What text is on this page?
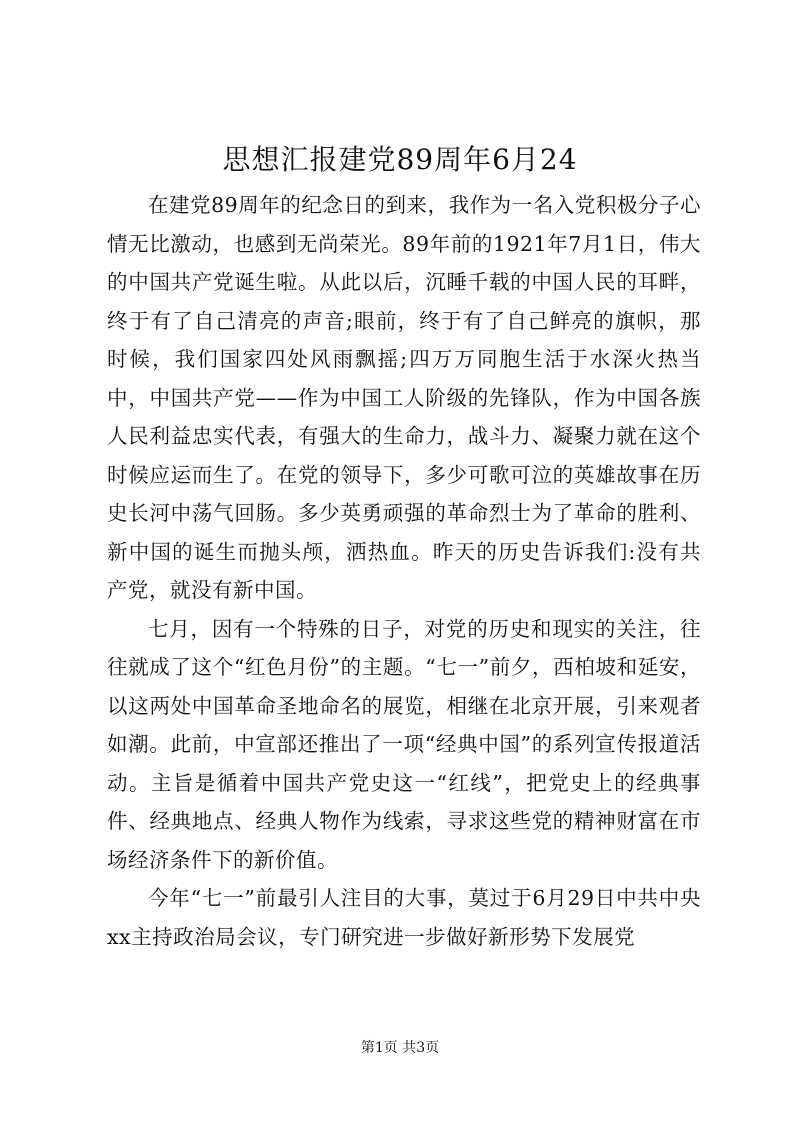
思想汇报建党89周年6月24

在建党89周年的纪念日的到来，我作为一名入党积极分子心情无比激动，也感到无尚荣光。89年前的1921年7月1日，伟大的中国共产党诞生啦。从此以后，沉睡千载的中国人民的耳畔，终于有了自己清亮的声音;眼前，终于有了自己鲜亮的旗帜，那时候，我们国家四处风雨飘摇;四万万同胞生活于水深火热当中，中国共产党——作为中国工人阶级的先锋队，作为中国各族人民利益忠实代表，有强大的生命力，战斗力、凝聚力就在这个时候应运而生了。在党的领导下，多少可歌可泣的英雄故事在历史长河中荡气回肠。多少英勇顽强的革命烈士为了革命的胜利、新中国的诞生而抛头颅，洒热血。昨天的历史告诉我们:没有共产党，就没有新中国。

七月，因有一个特殊的日子，对党的历史和现实的关注，往往就成了这个“红色月份”的主题。“七一”前夕，西柏坡和延安，以这两处中国革命圣地命名的展览，相继在北京开展，引来观者如潮。此前，中宣部还推出了一项“经典中国”的系列宣传报道活动。主旨是循着中国共产党史这一“红线”，把党史上的经典事件、经典地点、经典人物作为线索，寻求这些党的精神财富在市场经济条件下的新价值。

今年“七一”前最引人注目的大事，莫过于6月29日中共中央xx主持政治局会议，专门研究进一步做好新形势下发展党

第1页 共3页
